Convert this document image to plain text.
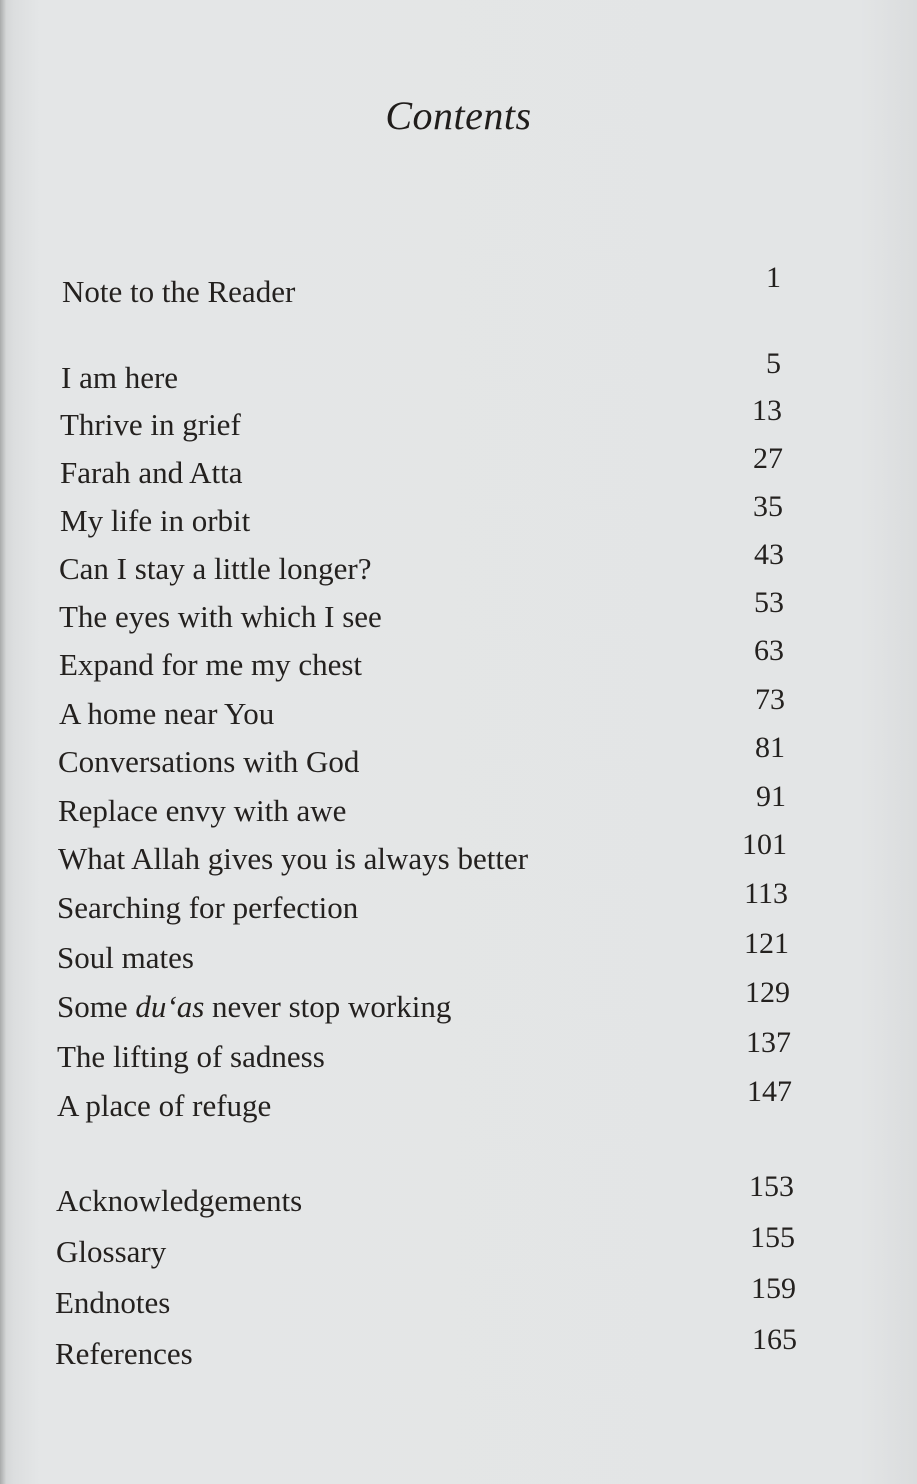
Contents
Note to the Reader	1
I am here	5
Thrive in grief	13
Farah and Atta	27
My life in orbit	35
Can I stay a little longer?	43
The eyes with which I see	53
Expand for me my chest	63
A home near You	73
Conversations with God	81
Replace envy with awe	91
What Allah gives you is always better	101
Searching for perfection	113
Soul mates	121
Some du‘as never stop working	129
The lifting of sadness	137
A place of refuge	147
Acknowledgements	153
Glossary	155
Endnotes	159
References	165
